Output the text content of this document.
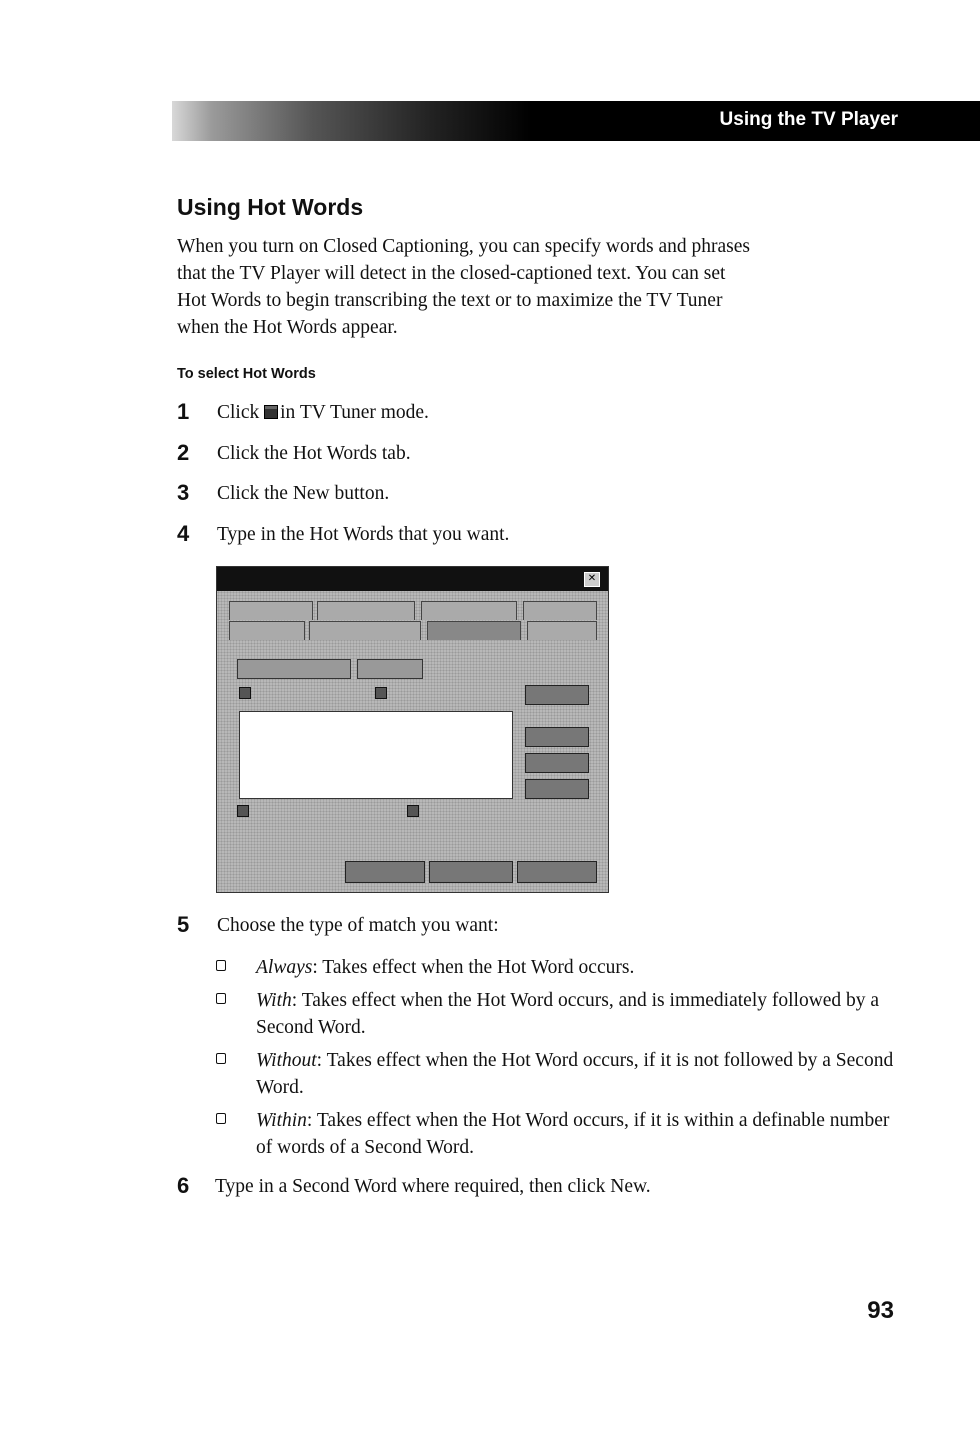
Using the TV Player
Using Hot Words
When you turn on Closed Captioning, you can specify words and phrases
that the TV Player will detect in the closed-captioned text. You can set
Hot Words to begin transcribing the text or to maximize the TV Tuner
when the Hot Words appear.
To select Hot Words
1 Click in TV Tuner mode.
2 Click the Hot Words tab.
3 Click the New button.
4 Type in the Hot Words that you want.
✕
5 Choose the type of match you want:
Always: Takes effect when the Hot Word occurs.
With: Takes effect when the Hot Word occurs, and is immediately followed by a Second Word.
Without: Takes effect when the Hot Word occurs, if it is not followed by a Second Word.
Within: Takes effect when the Hot Word occurs, if it is within a definable number of words of a Second Word.
6 Type in a Second Word where required, then click New.
93
